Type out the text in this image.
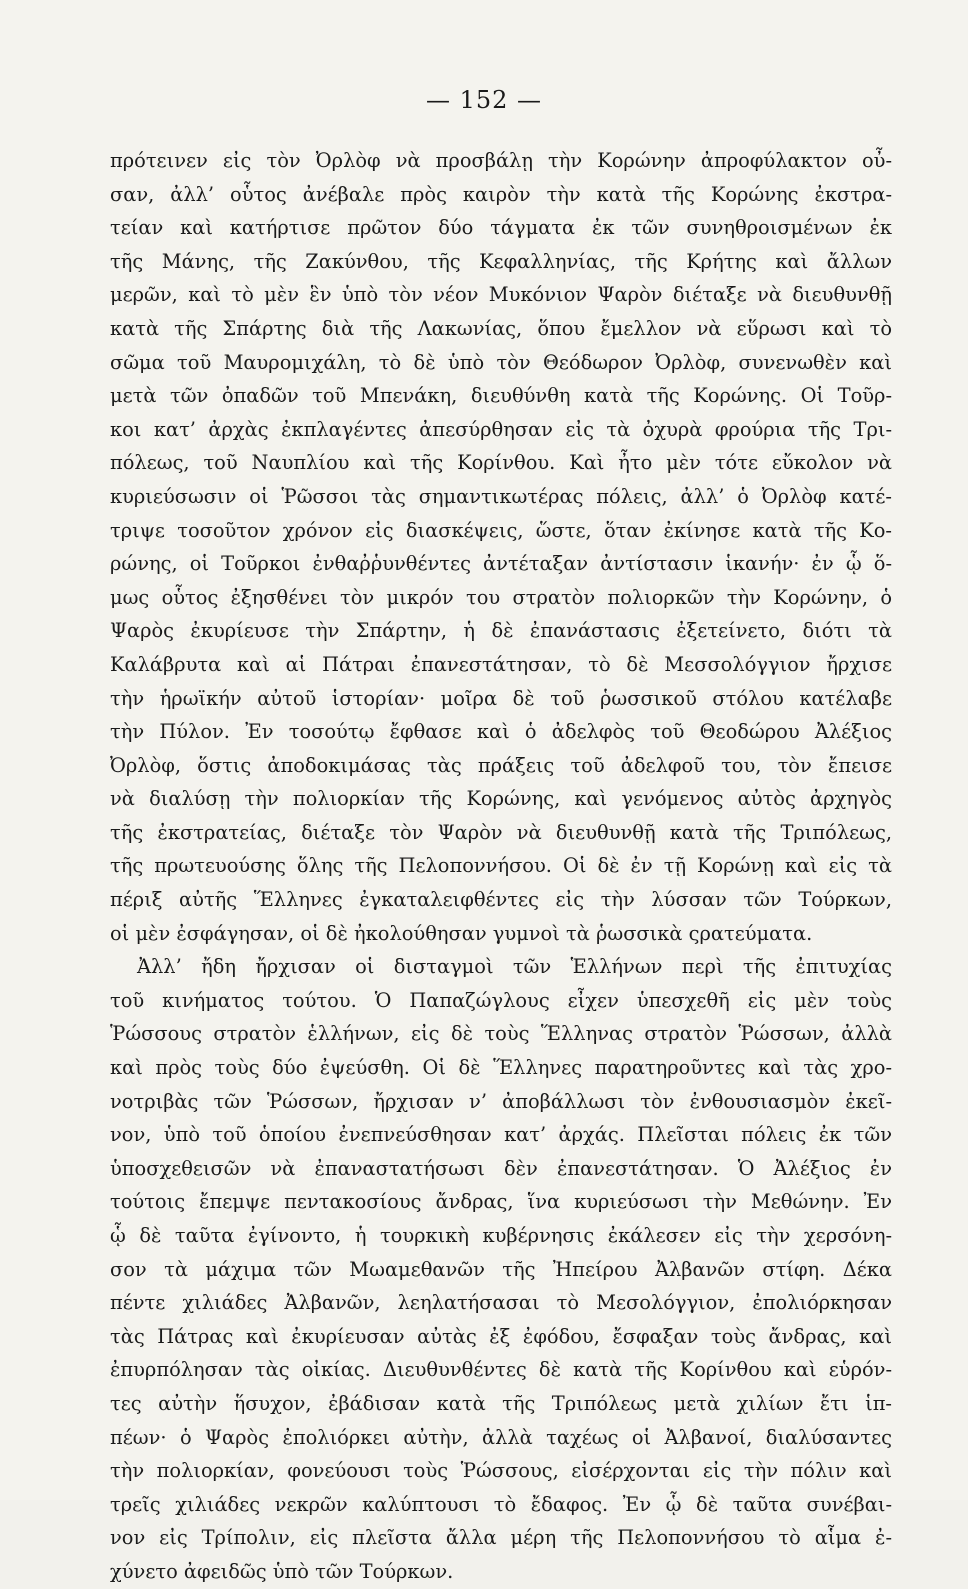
— 152 —
πρότεινεν εἰς τὸν Ὀρλὸφ νὰ προσβάλῃ τὴν Κορώνην ἀπροφύλακτον οὖ-
σαν, ἀλλ’ οὗτος ἀνέβαλε πρὸς καιρὸν τὴν κατὰ τῆς Κορώνης ἐκστρα-
τείαν καὶ κατήρτισε πρῶτον δύο τάγματα ἐκ τῶν συνηθροισμένων ἐκ
τῆς Μάνης, τῆς Ζακύνθου, τῆς Κεφαλληνίας, τῆς Κρήτης καὶ ἄλλων
μερῶν, καὶ τὸ μὲν ἓν ὑπὸ τὸν νέον Μυκόνιον Ψαρὸν διέταξε νὰ διευθυνθῇ
κατὰ τῆς Σπάρτης διὰ τῆς Λακωνίας, ὅπου ἔμελλον νὰ εὕρωσι καὶ τὸ
σῶμα τοῦ Μαυρομιχάλη, τὸ δὲ ὑπὸ τὸν Θεόδωρον Ὀρλὸφ, συνενωθὲν καὶ
μετὰ τῶν ὀπαδῶν τοῦ Μπενάκη, διευθύνθη κατὰ τῆς Κορώνης. Οἱ Τοῦρ-
κοι κατ’ ἀρχὰς ἐκπλαγέντες ἀπεσύρθησαν εἰς τὰ ὀχυρὰ φρούρια τῆς Τρι-
πόλεως, τοῦ Ναυπλίου καὶ τῆς Κορίνθου. Καὶ ἦτο μὲν τότε εὔκολον νὰ
κυριεύσωσιν οἱ Ῥῶσσοι τὰς σημαντικωτέρας πόλεις, ἀλλ’ ὁ Ὀρλὸφ κατέ-
τριψε τοσοῦτον χρόνον εἰς διασκέψεις, ὥστε, ὅταν ἐκίνησε κατὰ τῆς Κο-
ρώνης, οἱ Τοῦρκοι ἐνθαῤῥυνθέντες ἀντέταξαν ἀντίστασιν ἱκανήν· ἐν ᾧ ὅ-
μως οὗτος ἐξησθένει τὸν μικρόν του στρατὸν πολιορκῶν τὴν Κορώνην, ὁ
Ψαρὸς ἐκυρίευσε τὴν Σπάρτην, ἡ δὲ ἐπανάστασις ἐξετείνετο, διότι τὰ
Καλάβρυτα καὶ αἱ Πάτραι ἐπανεστάτησαν, τὸ δὲ Μεσσολόγγιον ἤρχισε
τὴν ἡρωϊκήν αὐτοῦ ἱστορίαν· μοῖρα δὲ τοῦ ῥωσσικοῦ στόλου κατέλαβε
τὴν Πύλον. Ἐν τοσούτῳ ἔφθασε καὶ ὁ ἀδελφὸς τοῦ Θεοδώρου Ἀλέξιος
Ὀρλὸφ, ὅστις ἀποδοκιμάσας τὰς πράξεις τοῦ ἀδελφοῦ του, τὸν ἔπεισε
νὰ διαλύσῃ τὴν πολιορκίαν τῆς Κορώνης, καὶ γενόμενος αὐτὸς ἀρχηγὸς
τῆς ἐκστρατείας, διέταξε τὸν Ψαρὸν νὰ διευθυνθῇ κατὰ τῆς Τριπόλεως,
τῆς πρωτευούσης ὅλης τῆς Πελοποννήσου. Οἱ δὲ ἐν τῇ Κορώνῃ καὶ εἰς τὰ
πέριξ αὐτῆς Ἕλληνες ἐγκαταλειφθέντες εἰς τὴν λύσσαν τῶν Τούρκων,
οἱ μὲν ἐσφάγησαν, οἱ δὲ ἠκολούθησαν γυμνοὶ τὰ ῥωσσικὰ ςρατεύματα.
Ἀλλ’ ἤδη ἤρχισαν οἱ δισταγμοὶ τῶν Ἑλλήνων περὶ τῆς ἐπιτυχίας
τοῦ κινήματος τούτου. Ὁ Παπαζώγλους εἶχεν ὑπεσχεθῆ εἰς μὲν τοὺς
Ῥώσσους στρατὸν ἑλλήνων, εἰς δὲ τοὺς Ἕλληνας στρατὸν Ῥώσσων, ἀλλὰ
καὶ πρὸς τοὺς δύο ἐψεύσθη. Οἱ δὲ Ἕλληνες παρατηροῦντες καὶ τὰς χρο-
νοτριβὰς τῶν Ῥώσσων, ἤρχισαν ν’ ἀποβάλλωσι τὸν ἐνθουσιασμὸν ἐκεῖ-
νον, ὑπὸ τοῦ ὁποίου ἐνεπνεύσθησαν κατ’ ἀρχάς. Πλεῖσται πόλεις ἐκ τῶν
ὑποσχεθεισῶν νὰ ἐπαναστατήσωσι δὲν ἐπανεστάτησαν. Ὁ Ἀλέξιος ἐν
τούτοις ἔπεμψε πεντακοσίους ἄνδρας, ἵνα κυριεύσωσι τὴν Μεθώνην. Ἐν
ᾧ δὲ ταῦτα ἐγίνοντο, ἡ τουρκικὴ κυβέρνησις ἐκάλεσεν εἰς τὴν χερσόνη-
σον τὰ μάχιμα τῶν Μωαμεθανῶν τῆς Ἠπείρου Ἀλβανῶν στίφη. Δέκα
πέντε χιλιάδες Ἀλβανῶν, λεηλατήσασαι τὸ Μεσολόγγιον, ἐπολιόρκησαν
τὰς Πάτρας καὶ ἐκυρίευσαν αὐτὰς ἐξ ἐφόδου, ἔσφαξαν τοὺς ἄνδρας, καὶ
ἐπυρπόλησαν τὰς οἰκίας. Διευθυνθέντες δὲ κατὰ τῆς Κορίνθου καὶ εὑρόν-
τες αὐτὴν ἥσυχον, ἐβάδισαν κατὰ τῆς Τριπόλεως μετὰ χιλίων ἔτι ἱπ-
πέων· ὁ Ψαρὸς ἐπολιόρκει αὐτὴν, ἀλλὰ ταχέως οἱ Ἀλβανοί, διαλύσαντες
τὴν πολιορκίαν, φονεύουσι τοὺς Ῥώσσους, εἰσέρχονται εἰς τὴν πόλιν καὶ
τρεῖς χιλιάδες νεκρῶν καλύπτουσι τὸ ἔδαφος. Ἐν ᾧ δὲ ταῦτα συνέβαι-
νον εἰς Τρίπολιν, εἰς πλεῖστα ἄλλα μέρη τῆς Πελοποννήσου τὸ αἷμα ἐ-
χύνετο ἀφειδῶς ὑπὸ τῶν Τούρκων.
